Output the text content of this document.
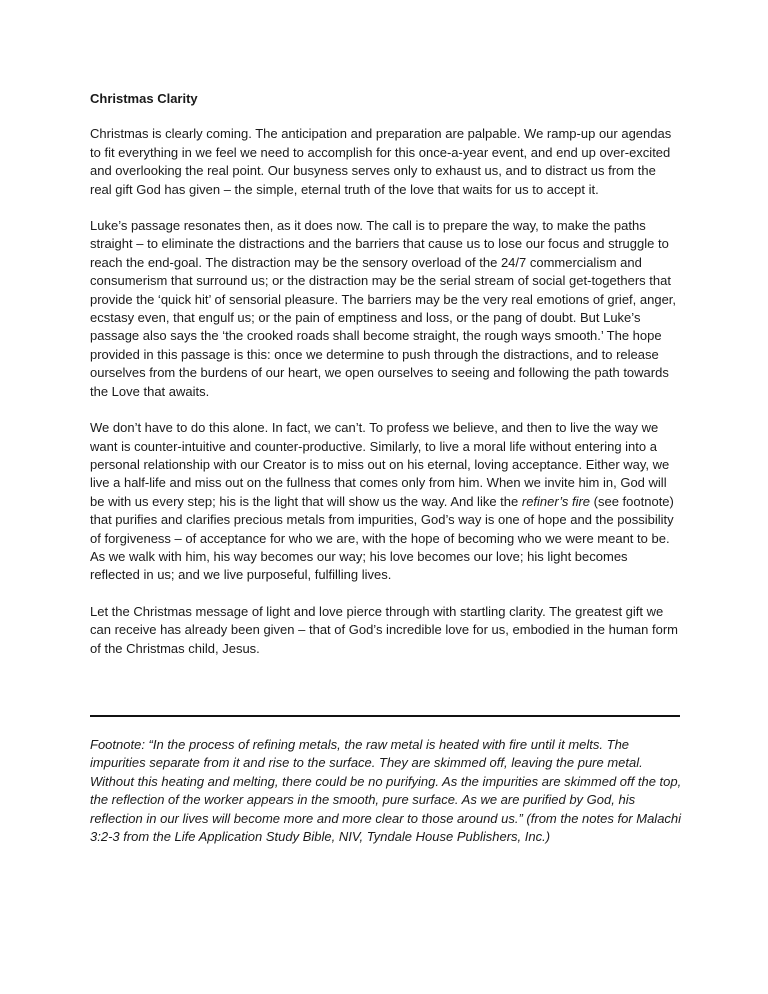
Christmas Clarity

Christmas is clearly coming. The anticipation and preparation are palpable. We ramp-up our agendas to fit everything in we feel we need to accomplish for this once-a-year event, and end up over-excited and overlooking the real point. Our busyness serves only to exhaust us, and to distract us from the real gift God has given – the simple, eternal truth of the love that waits for us to accept it.

Luke’s passage resonates then, as it does now. The call is to prepare the way, to make the paths straight – to eliminate the distractions and the barriers that cause us to lose our focus and struggle to reach the end-goal. The distraction may be the sensory overload of the 24/7 commercialism and consumerism that surround us; or the distraction may be the serial stream of social get-togethers that provide the ‘quick hit’ of sensorial pleasure. The barriers may be the very real emotions of grief, anger, ecstasy even, that engulf us; or the pain of emptiness and loss, or the pang of doubt. But Luke’s passage also says the ‘the crooked roads shall become straight, the rough ways smooth.’ The hope provided in this passage is this: once we determine to push through the distractions, and to release ourselves from the burdens of our heart, we open ourselves to seeing and following the path towards the Love that awaits.

We don’t have to do this alone. In fact, we can’t. To profess we believe, and then to live the way we want is counter-intuitive and counter-productive. Similarly, to live a moral life without entering into a personal relationship with our Creator is to miss out on his eternal, loving acceptance. Either way, we live a half-life and miss out on the fullness that comes only from him. When we invite him in, God will be with us every step; his is the light that will show us the way. And like the refiner’s fire (see footnote) that purifies and clarifies precious metals from impurities, God’s way is one of hope and the possibility of forgiveness – of acceptance for who we are, with the hope of becoming who we were meant to be. As we walk with him, his way becomes our way; his love becomes our love; his light becomes reflected in us; and we live purposeful, fulfilling lives.

Let the Christmas message of light and love pierce through with startling clarity. The greatest gift we can receive has already been given – that of God’s incredible love for us, embodied in the human form of the Christmas child, Jesus.

Footnote: “In the process of refining metals, the raw metal is heated with fire until it melts. The impurities separate from it and rise to the surface. They are skimmed off, leaving the pure metal. Without this heating and melting, there could be no purifying. As the impurities are skimmed off the top, the reflection of the worker appears in the smooth, pure surface. As we are purified by God, his reflection in our lives will become more and more clear to those around us.” (from the notes for Malachi 3:2-3 from the Life Application Study Bible, NIV, Tyndale House Publishers, Inc.)
